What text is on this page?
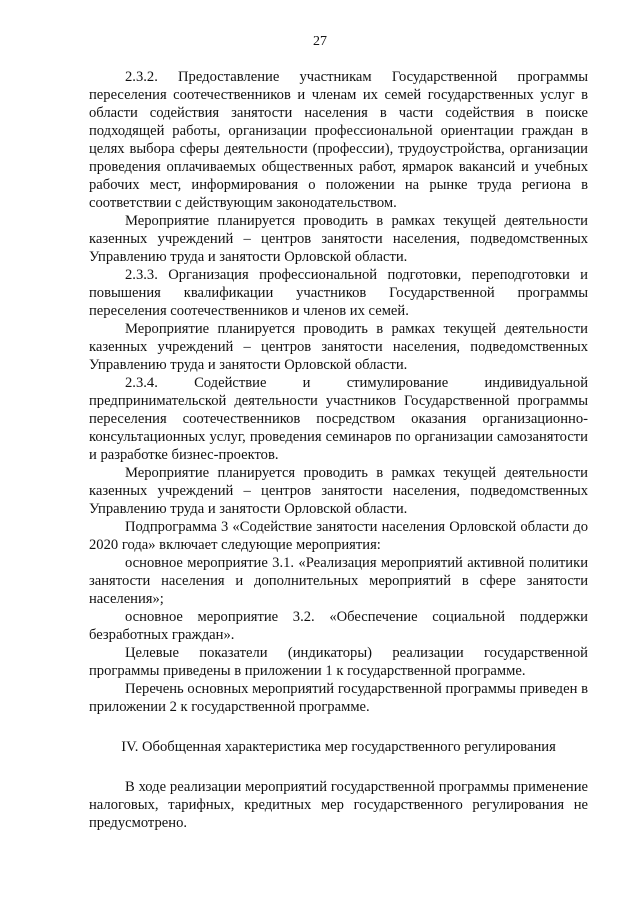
27

2.3.2. Предоставление участникам Государственной программы переселения соотечественников и членам их семей государственных услуг в области содействия занятости населения в части содействия в поиске подходящей работы, организации профессиональной ориентации граждан в целях выбора сферы деятельности (профессии), трудоустройства, организации проведения оплачиваемых общественных работ, ярмарок вакансий и учебных рабочих мест, информирования о положении на рынке труда региона в соответствии с действующим законодательством.

Мероприятие планируется проводить в рамках текущей деятельности казенных учреждений – центров занятости населения, подведомственных Управлению труда и занятости Орловской области.

2.3.3. Организация профессиональной подготовки, переподготовки и повышения квалификации участников Государственной программы переселения соотечественников и членов их семей.

Мероприятие планируется проводить в рамках текущей деятельности казенных учреждений – центров занятости населения, подведомственных Управлению труда и занятости Орловской области.

2.3.4. Содействие и стимулирование индивидуальной предпринимательской деятельности участников Государственной программы переселения соотечественников посредством оказания организационно-консультационных услуг, проведения семинаров по организации самозанятости и разработке бизнес-проектов.

Мероприятие планируется проводить в рамках текущей деятельности казенных учреждений – центров занятости населения, подведомственных Управлению труда и занятости Орловской области.

Подпрограмма 3 «Содействие занятости населения Орловской области до 2020 года» включает следующие мероприятия:

основное мероприятие 3.1. «Реализация мероприятий активной политики занятости населения и дополнительных мероприятий в сфере занятости населения»;

основное мероприятие 3.2. «Обеспечение социальной поддержки безработных граждан».

Целевые показатели (индикаторы) реализации государственной программы приведены в приложении 1 к государственной программе.

Перечень основных мероприятий государственной программы приведен в приложении 2 к государственной программе.

IV. Обобщенная характеристика мер государственного регулирования

В ходе реализации мероприятий государственной программы применение налоговых, тарифных, кредитных мер государственного регулирования не предусмотрено.
